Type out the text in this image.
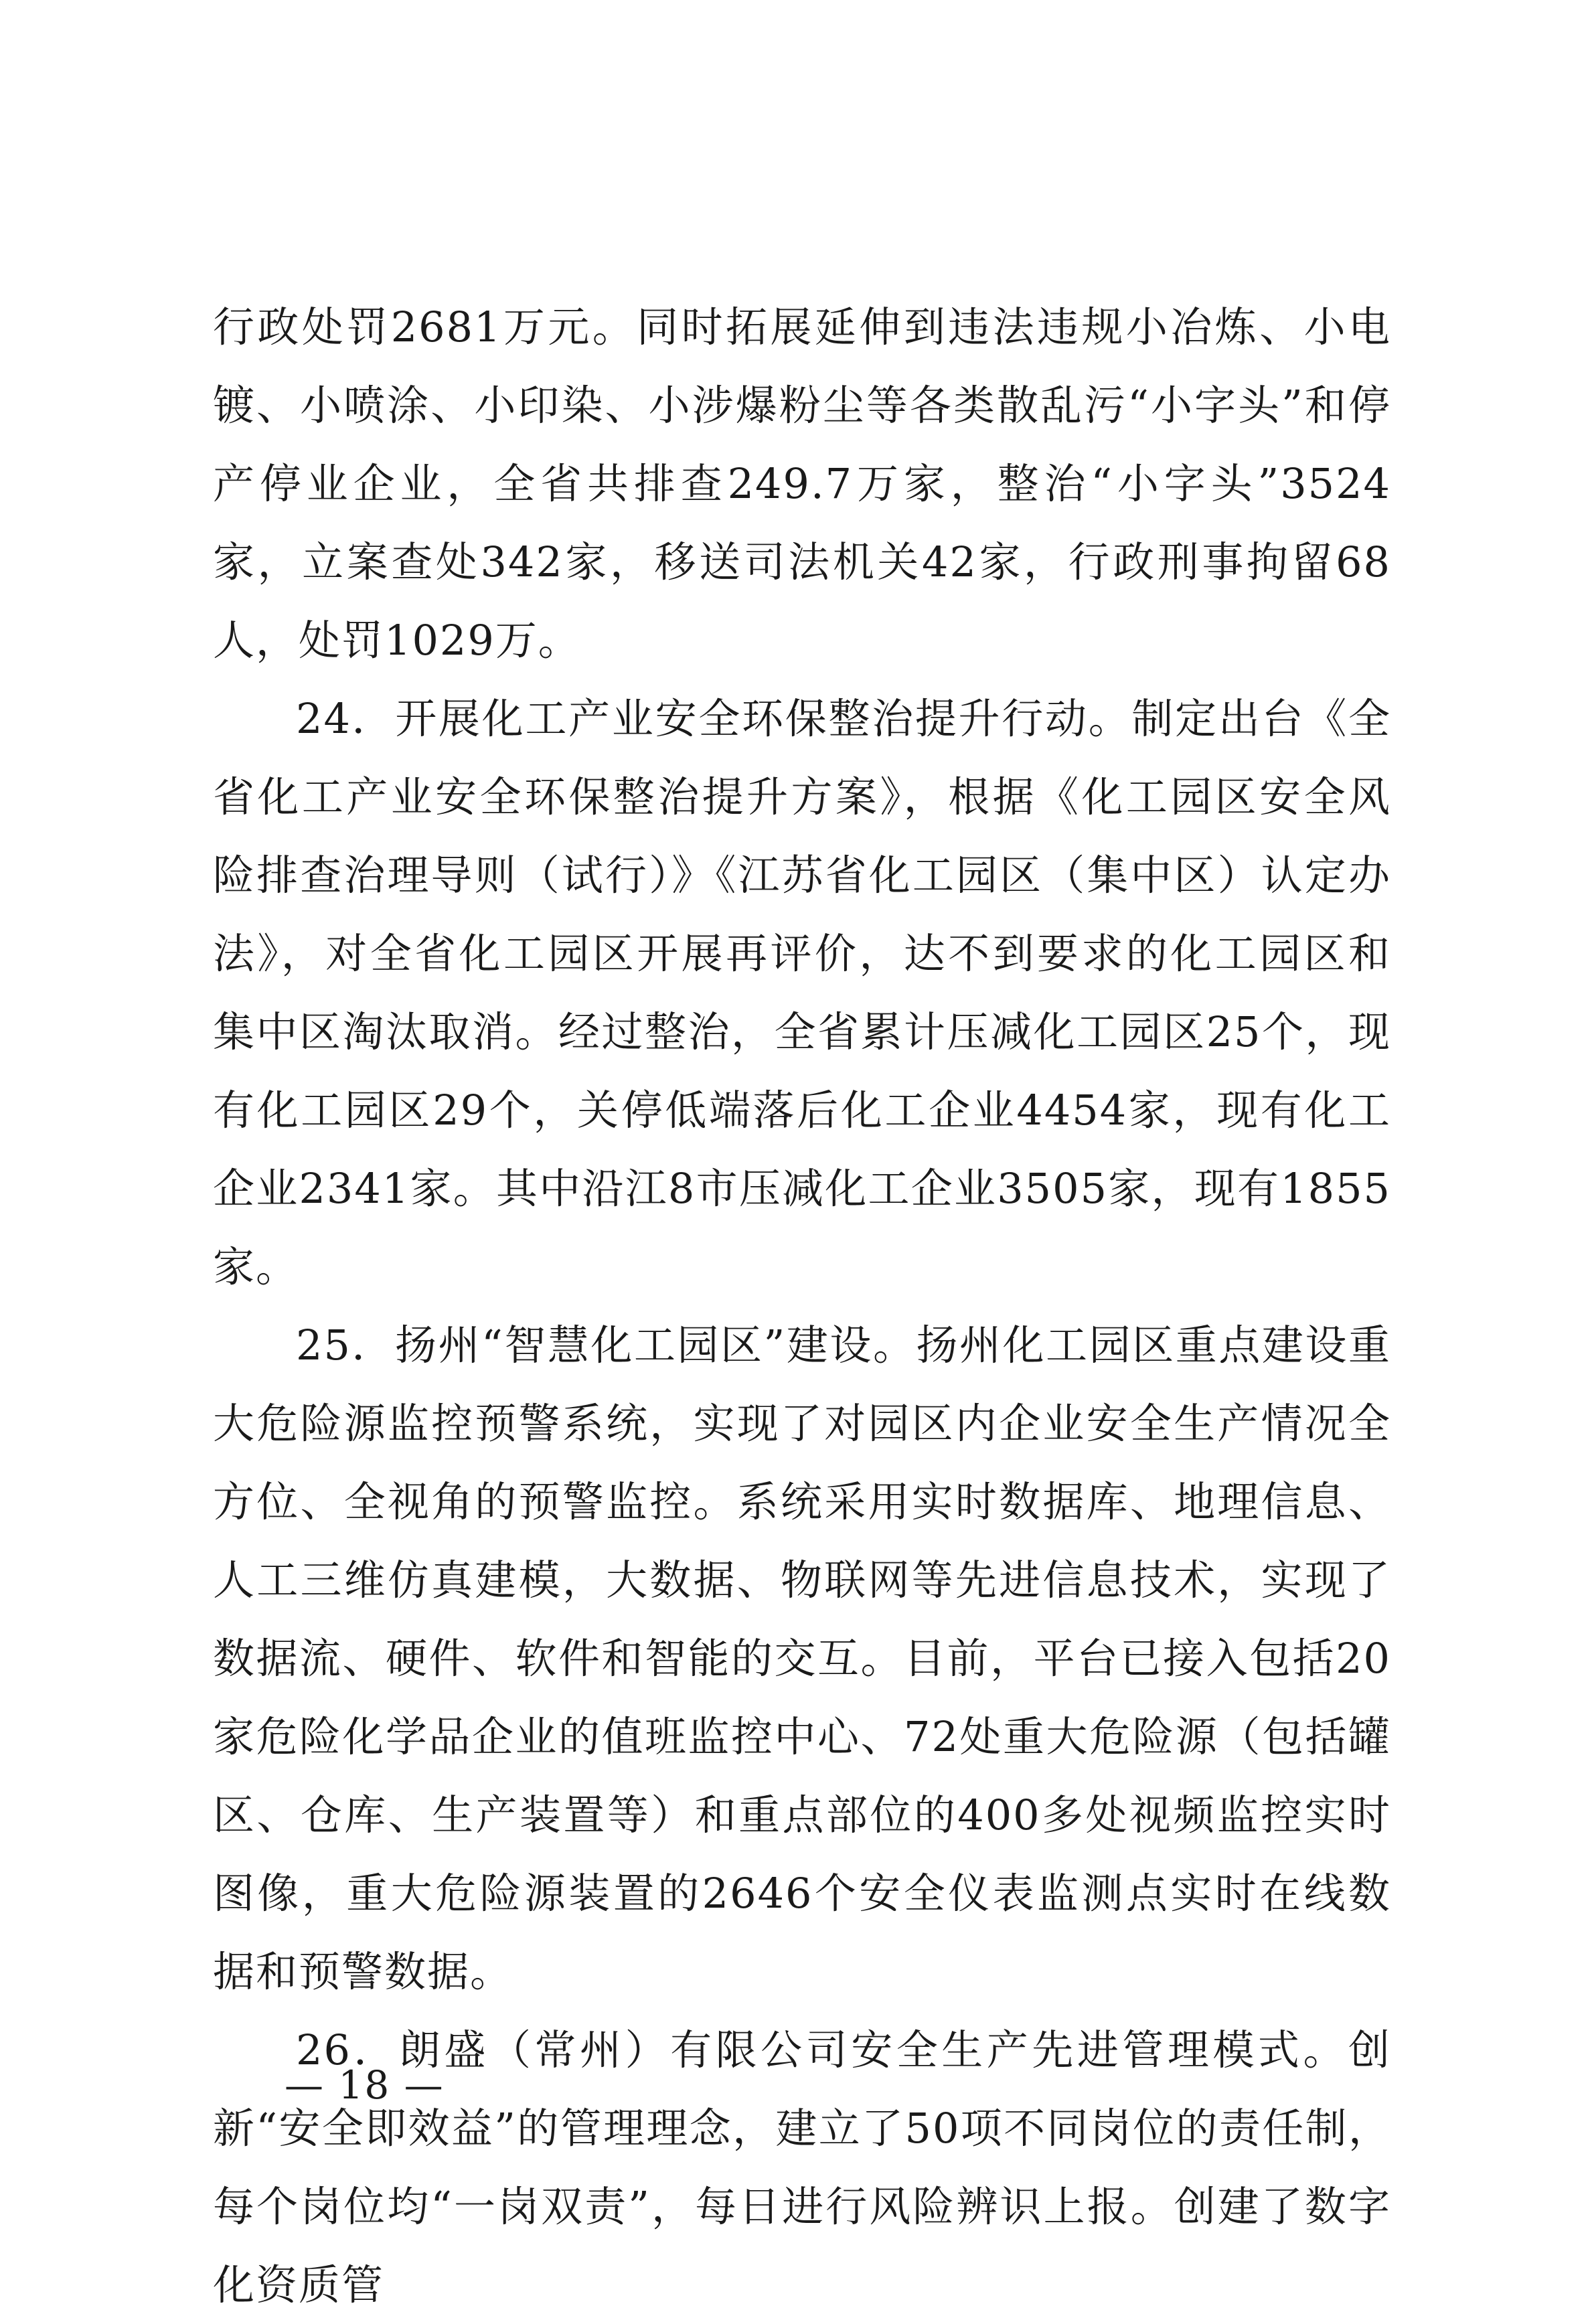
行政处罚2681万元。同时拓展延伸到违法违规小冶炼、小电镀、小喷涂、小印染、小涉爆粉尘等各类散乱污“小字头”和停产停业企业，全省共排查249.7万家，整治“小字头”3524家，立案查处342家，移送司法机关42家，行政刑事拘留68人，处罚1029万。

24．开展化工产业安全环保整治提升行动。制定出台《全省化工产业安全环保整治提升方案》，根据《化工园区安全风险排查治理导则（试行）》《江苏省化工园区（集中区）认定办法》，对全省化工园区开展再评价，达不到要求的化工园区和集中区淘汰取消。经过整治，全省累计压减化工园区25个，现有化工园区29个，关停低端落后化工企业4454家，现有化工企业2341家。其中沿江8市压减化工企业3505家，现有1855家。

25．扬州“智慧化工园区”建设。扬州化工园区重点建设重大危险源监控预警系统，实现了对园区内企业安全生产情况全方位、全视角的预警监控。系统采用实时数据库、地理信息、人工三维仿真建模，大数据、物联网等先进信息技术，实现了数据流、硬件、软件和智能的交互。目前，平台已接入包括20家危险化学品企业的值班监控中心、72处重大危险源（包括罐区、仓库、生产装置等）和重点部位的400多处视频监控实时图像，重大危险源装置的2646个安全仪表监测点实时在线数据和预警数据。

26．朗盛（常州）有限公司安全生产先进管理模式。创新“安全即效益”的管理理念，建立了50项不同岗位的责任制，每个岗位均“一岗双责”，每日进行风险辨识上报。创建了数字化资质管

— 18 —
